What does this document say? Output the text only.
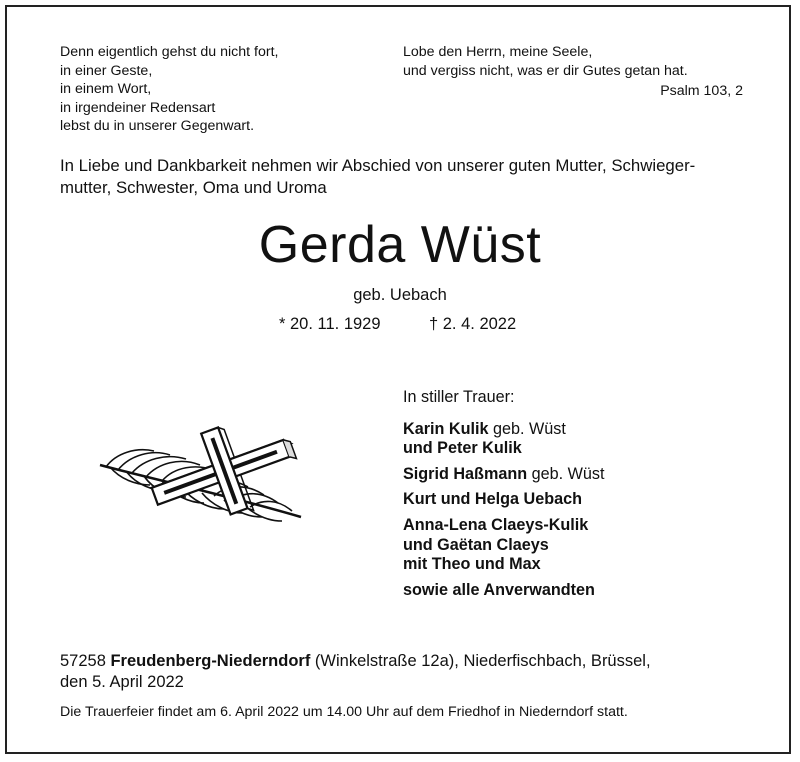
Denn eigentlich gehst du nicht fort,
in einer Geste,
in einem Wort,
in irgendeiner Redensart
lebst du in unserer Gegenwart.
Lobe den Herrn, meine Seele,
und vergiss nicht, was er dir Gutes getan hat.
Psalm 103, 2
In Liebe und Dankbarkeit nehmen wir Abschied von unserer guten Mutter, Schwieger-
mutter, Schwester, Oma und Uroma
Gerda Wüst
geb. Uebach
* 20. 11. 1929	† 2. 4. 2022
In stiller Trauer:
Karin Kulik geb. Wüst
und Peter Kulik
Sigrid Haßmann geb. Wüst
Kurt und Helga Uebach
Anna-Lena Claeys-Kulik
und Gaëtan Claeys
mit Theo und Max
sowie alle Anverwandten
57258 Freudenberg-Niederndorf (Winkelstraße 12a), Niederfischbach, Brüssel,
den 5. April 2022
Die Trauerfeier findet am 6. April 2022 um 14.00 Uhr auf dem Friedhof in Niederndorf statt.
